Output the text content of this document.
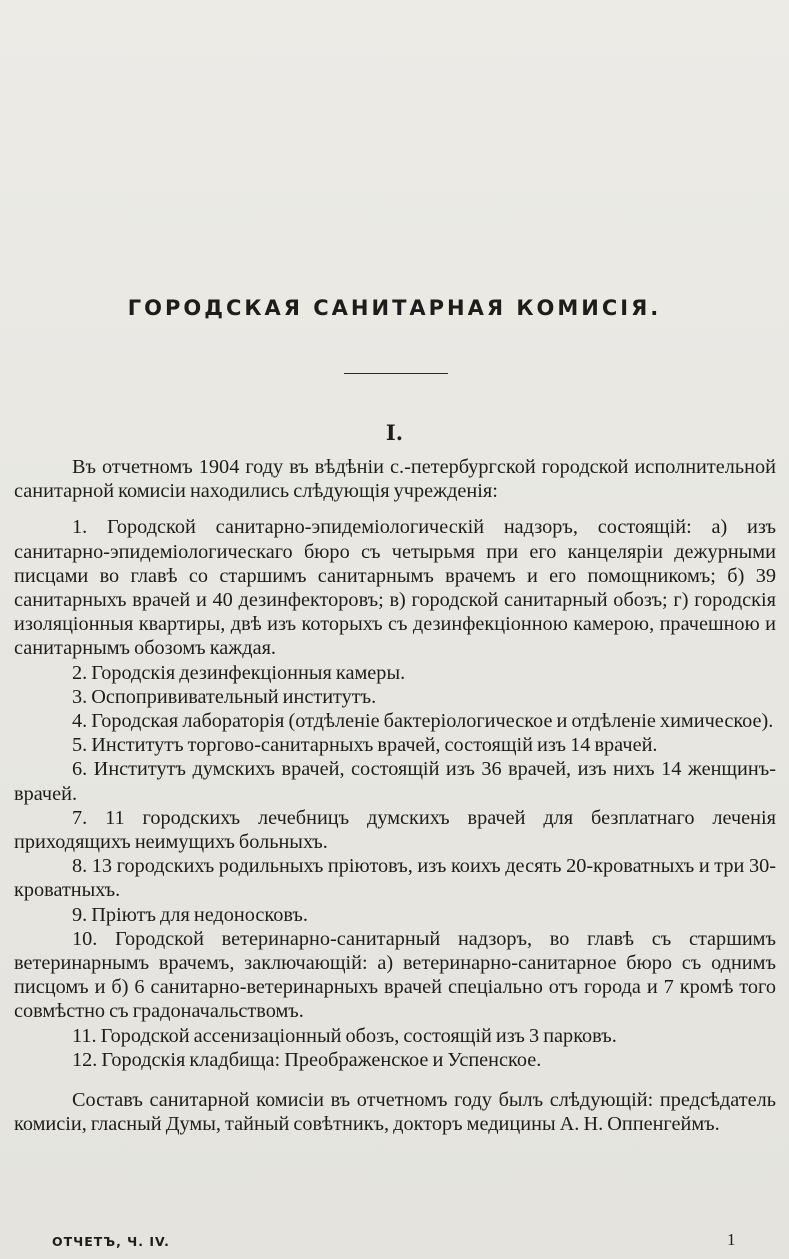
ГОРОДСКАЯ САНИТАРНАЯ КОМИСІЯ.
I.

Въ отчетномъ 1904 году въ вѣдѣніи с.-петербургской городской исполнительной санитарной комисіи находились слѣдующія учрежденія:

1. Городской санитарно-эпидеміологическій надзоръ, состоящій: а) изъ санитарно-эпидеміологическаго бюро съ четырьмя при его канцеляріи дежурными писцами во главѣ со старшимъ санитарнымъ врачемъ и его помощникомъ; б) 39 санитарныхъ врачей и 40 дезинфекторовъ; в) городской санитарный обозъ; г) городскія изоляціонныя квартиры, двѣ изъ которыхъ съ дезинфекціонною камерою, прачешною и санитарнымъ обозомъ каждая.

2. Городскія дезинфекціонныя камеры.

3. Оспопрививательный институтъ.

4. Городская лабораторія (отдѣленіе бактеріологическое и отдѣленіе химическое).

5. Институтъ торгово-санитарныхъ врачей, состоящій изъ 14 врачей.

6. Институтъ думскихъ врачей, состоящій изъ 36 врачей, изъ нихъ 14 женщинъ-врачей.

7. 11 городскихъ лечебницъ думскихъ врачей для безплатнаго леченія приходящихъ неимущихъ больныхъ.

8. 13 городскихъ родильныхъ пріютовъ, изъ коихъ десять 20-кроватныхъ и три 30-кроватныхъ.

9. Пріютъ для недоносковъ.

10. Городской ветеринарно-санитарный надзоръ, во главѣ съ старшимъ ветеринарнымъ врачемъ, заключающій: а) ветеринарно-санитарное бюро съ однимъ писцомъ и б) 6 санитарно-ветеринарныхъ врачей спеціально отъ города и 7 кромѣ того совмѣстно съ градоначальствомъ.

11. Городской ассенизаціонный обозъ, состоящій изъ 3 парковъ.

12. Городскія кладбища: Преображенское и Успенское.

Составъ санитарной комисіи въ отчетномъ году былъ слѣдующій: предсѣдатель комисіи, гласный Думы, тайный совѣтникъ, докторъ медицины А. Н. Оппенгеймъ.

ОТЧЕТЪ, Ч. IV.	1
